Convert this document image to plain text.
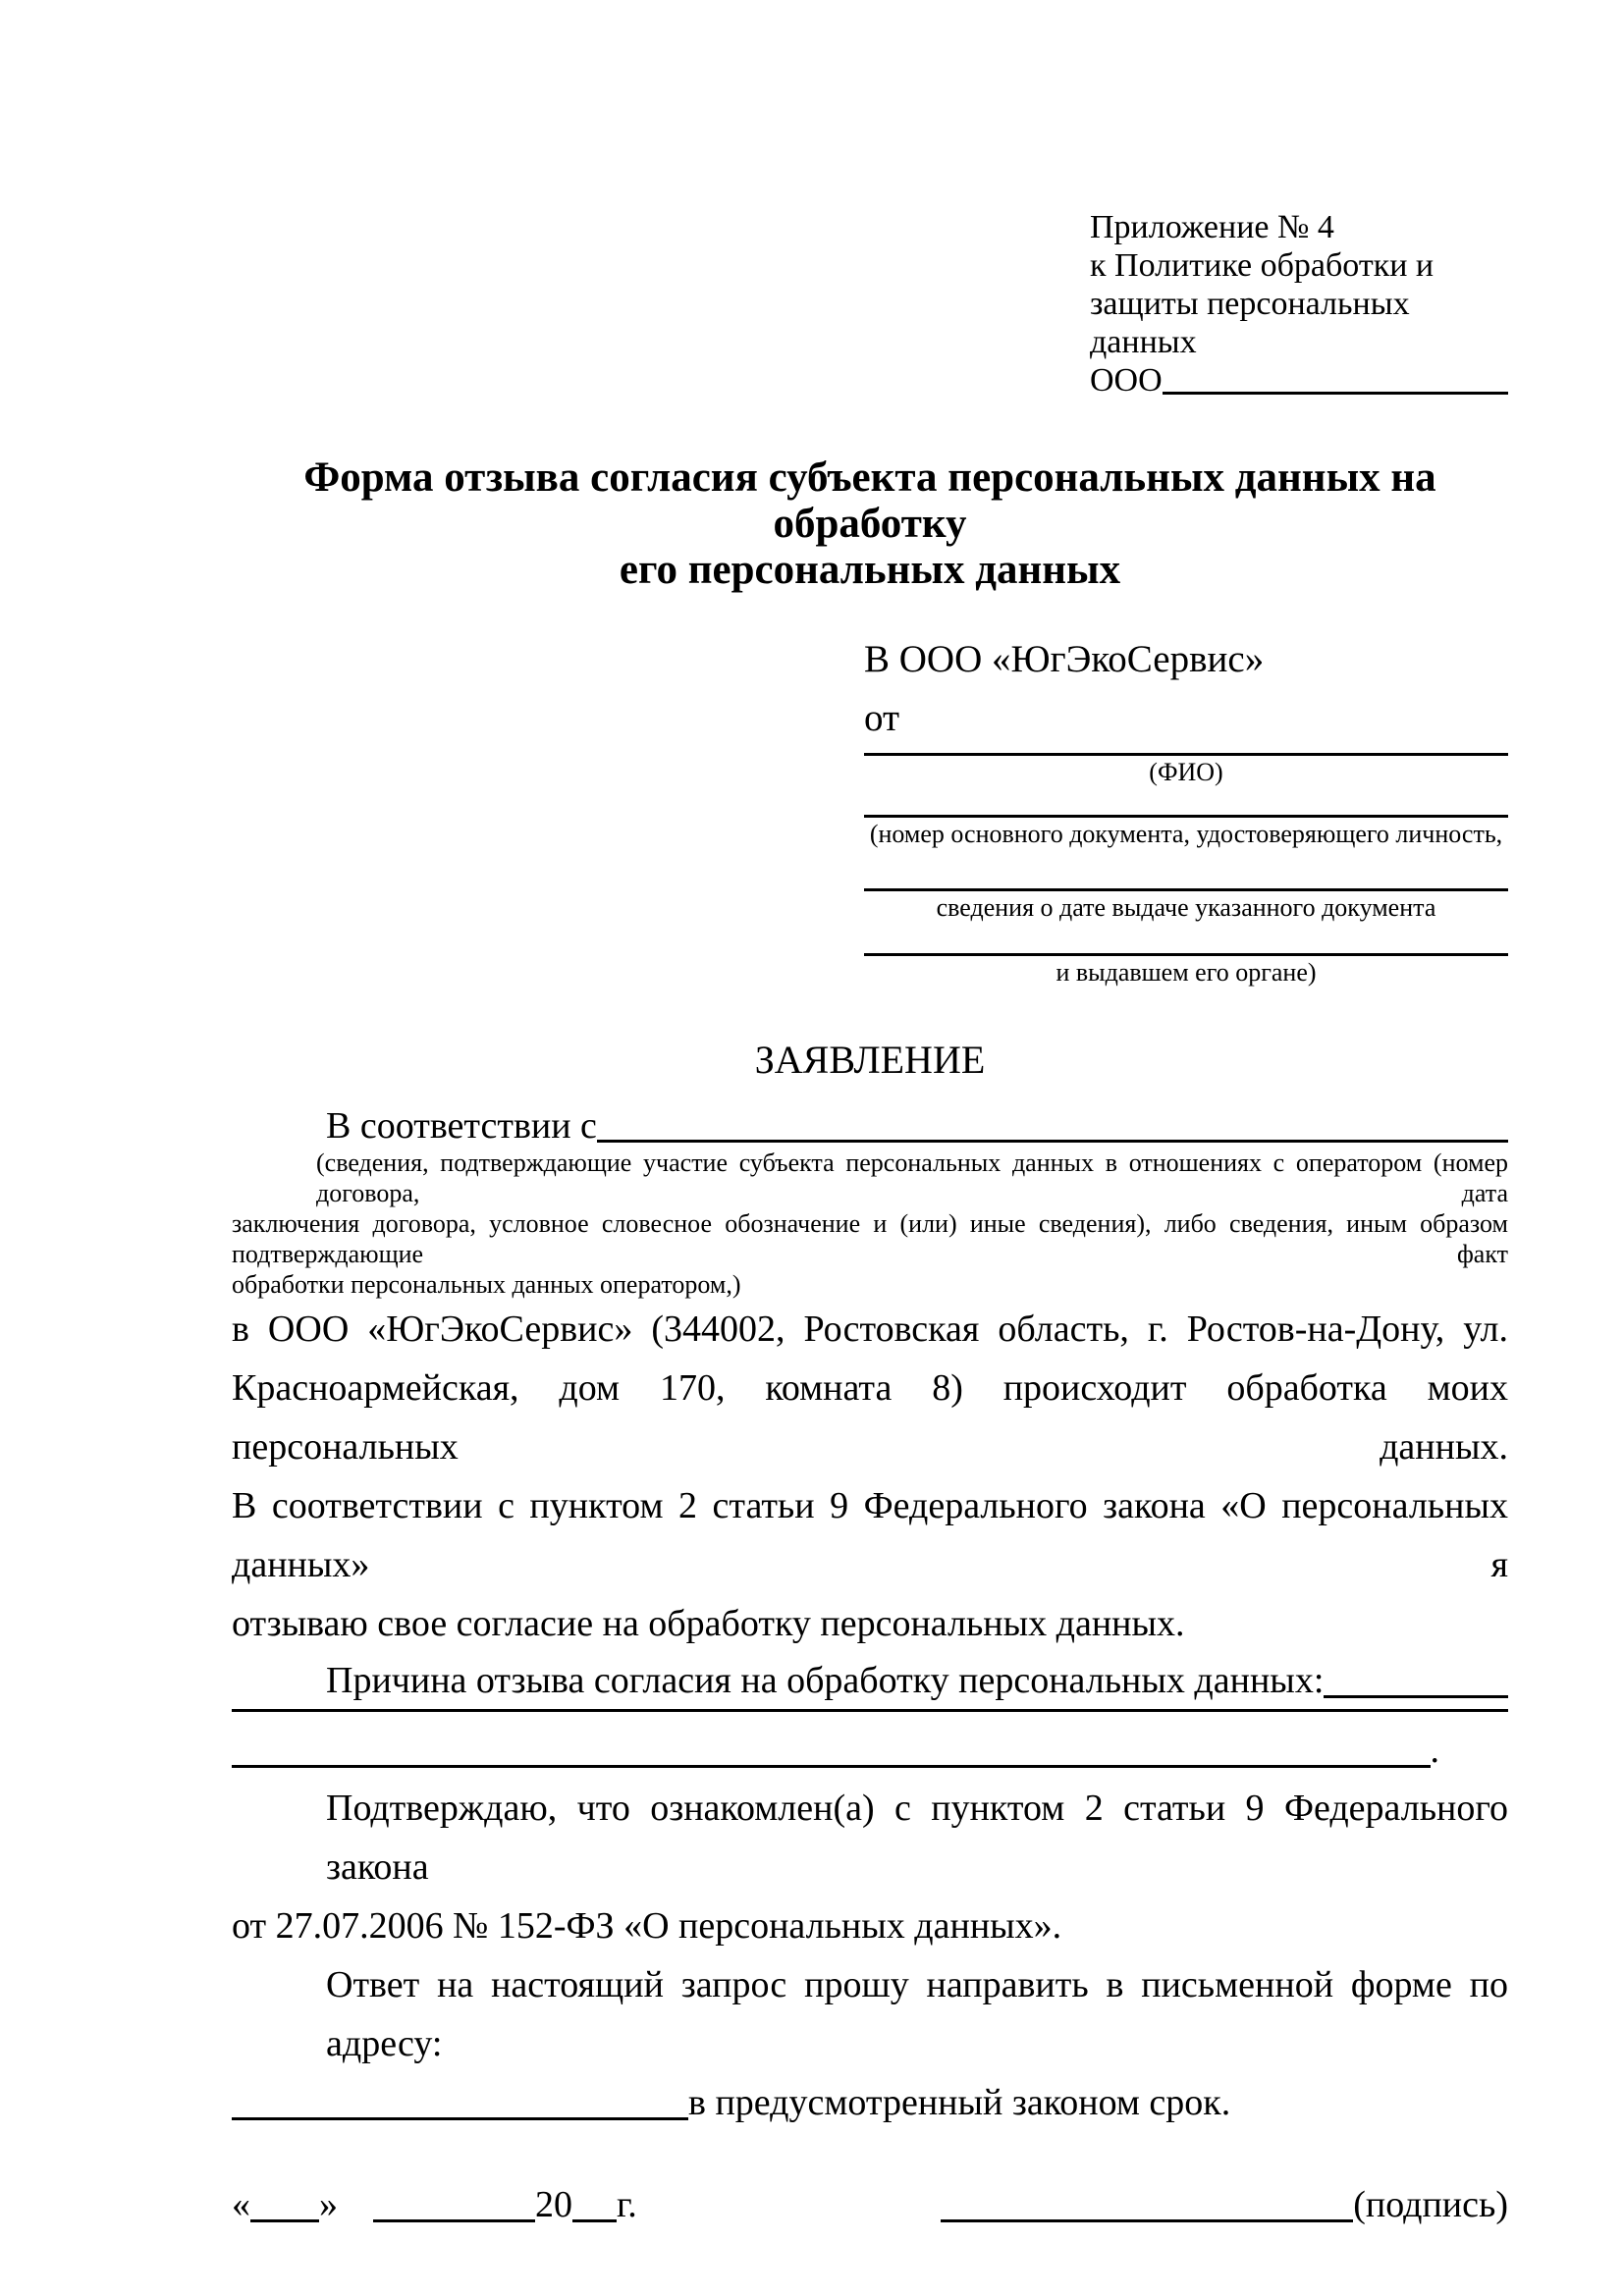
Приложение № 4
к Политике обработки и
защиты персональных данных
ООО
Форма отзыва согласия субъекта персональных данных на обработку
его персональных данных
В ООО «ЮгЭкоСервис»
от
(ФИО)
(номер основного документа, удостоверяющего личность,
сведения о дате выдаче указанного документа
и выдавшем его органе)
ЗАЯВЛЕНИЕ
В соответствии с
(сведения, подтверждающие участие субъекта персональных данных в отношениях с оператором (номер договора, дата
заключения договора, условное словесное обозначение и (или) иные сведения), либо сведения, иным образом подтверждающие факт
обработки персональных данных оператором,)
в ООО «ЮгЭкоСервис» (344002, Ростовская область, г. Ростов-на-Дону, ул.
Красноармейская, дом 170, комната 8) происходит обработка моих персональных данных.
В соответствии с пунктом 2 статьи 9 Федерального закона «О персональных данных» я
отзываю свое согласие на обработку персональных данных.
Причина отзыва согласия на обработку персональных данных:
.
Подтверждаю, что ознакомлен(а) с пунктом 2 статьи 9 Федерального закона
от 27.07.2006 № 152-ФЗ «О персональных данных».
Ответ на настоящий запрос прошу направить в письменной форме по адресу:
в предусмотренный законом срок.
« »	20 г.	(подпись)
